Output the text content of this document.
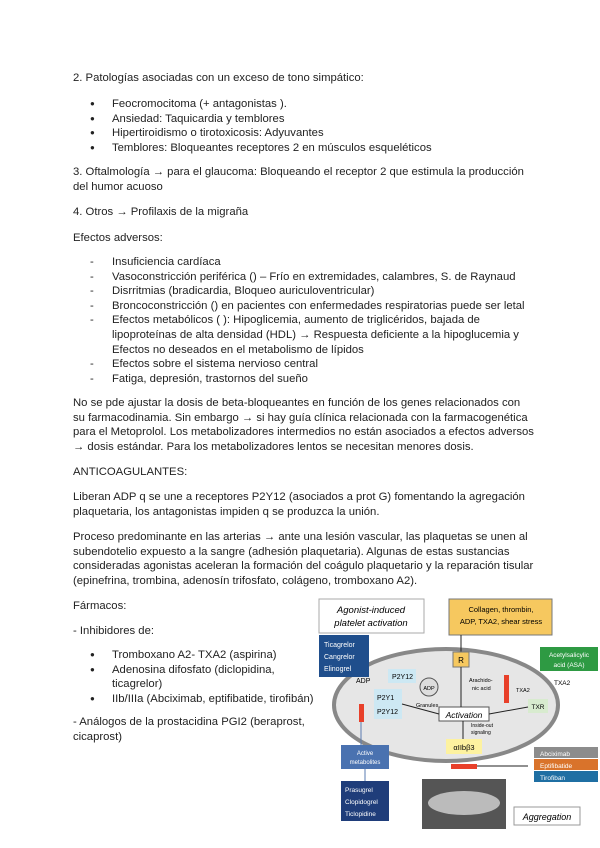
2. Patologías asociadas con un exceso de tono simpático:
● Feocromocitoma (+ antagonistas ).
● Ansiedad: Taquicardia y temblores
● Hipertiroidismo o tirotoxicosis: Adyuvantes
● Temblores: Bloqueantes receptores 2 en músculos esqueléticos
3. Oftalmología → para el glaucoma: Bloqueando el receptor 2 que estimula la producción del humor acuoso
4. Otros → Profilaxis de la migraña
Efectos adversos:
- Insuficiencia cardíaca
- Vasoconstricción periférica () – Frío en extremidades, calambres, S. de Raynaud
- Disrritmias (bradicardia, Bloqueo auriculoventricular)
- Broncoconstricción () en pacientes con enfermedades respiratorias puede ser letal
- Efectos metabólicos ( ): Hipoglicemia, aumento de triglicéridos, bajada de lipoproteínas de alta densidad (HDL) → Respuesta deficiente a la hipoglucemia y Efectos no deseados en el metabolismo de lípidos
- Efectos sobre el sistema nervioso central
- Fatiga, depresión, trastornos del sueño
No se pde ajustar la dosis de beta-bloqueantes en función de los genes relacionados con su farmacodinamia. Sin embargo → si hay guía clínica relacionada con la farmacogenética para el Metoprolol. Los metabolizadores intermedios no están asociados a efectos adversos → dosis estándar. Para los metabolizadores lentos se necesitan menores dosis.
ANTICOAGULANTES:
Liberan ADP q se une a receptores P2Y12 (asociados a prot G) fomentando la agregación plaquetaria, los antagonistas impiden q se produzca la unión.
Proceso predominante en las arterias → ante una lesión vascular, las plaquetas se unen al subendotelio expuesto a la sangre (adhesión plaquetaria). Algunas de estas sustancias consideradas agonistas aceleran la formación del coágulo plaquetario y la reparación tisular (epinefrina, trombina, adenosín trifosfato, colágeno, tromboxano A2).
Fármacos:
- Inhibidores de:
● Tromboxano A2- TXA2 (aspirina)
● Adenosina difosfato (diclopidina, ticagrelor)
● IIb/IIIa (Abciximab, eptifibatide, tirofibán)
- Análogos de la prostacidina PGI2 (beraprost, cicaprost)
Agonist-induced
platelet activation
Collagen, thrombin,
ADP, TXA2, shear stress
R
Ticagrelor
Cangrelor
Elinogrel
ADP
P2Y12
P2Y1
P2Y12
ADP
Granules
Arachido-
nic acid	TXA2
TXA2
Acetylsalicylic
acid (ASA)
TXR
Activation
Inside-out
signaling
αIIbβ3
Active
metabolites
Prasugrel
Clopidogrel
Ticlopidine
Abciximab
Eptifibatide
Tirofiban
Aggregation
